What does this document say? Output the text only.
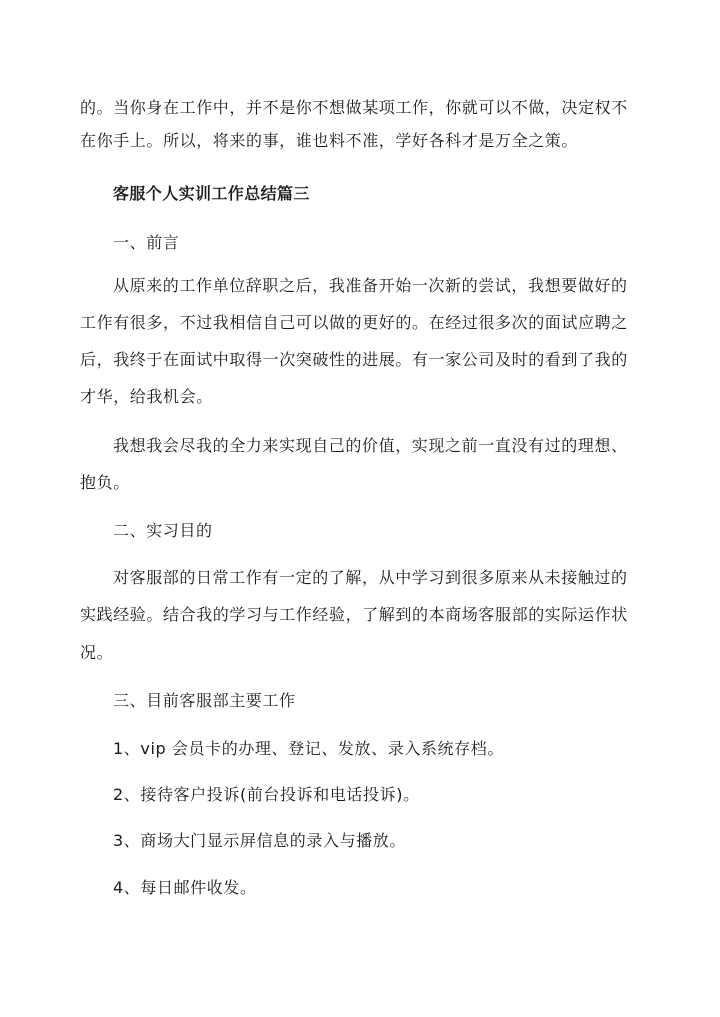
的。当你身在工作中，并不是你不想做某项工作，你就可以不做，决定权不
在你手上。所以，将来的事，谁也料不准，学好各科才是万全之策。
客服个人实训工作总结篇三
一、前言
从原来的工作单位辞职之后，我准备开始一次新的尝试，我想要做好的
工作有很多，不过我相信自己可以做的更好的。在经过很多次的面试应聘之
后，我终于在面试中取得一次突破性的进展。有一家公司及时的看到了我的
才华，给我机会。
我想我会尽我的全力来实现自己的价值，实现之前一直没有过的理想、
抱负。
二、实习目的
对客服部的日常工作有一定的了解，从中学习到很多原来从未接触过的
实践经验。结合我的学习与工作经验，了解到的本商场客服部的实际运作状
况。
三、目前客服部主要工作
1、vip 会员卡的办理、登记、发放、录入系统存档。
2、接待客户投诉(前台投诉和电话投诉)。
3、商场大门显示屏信息的录入与播放。
4、每日邮件收发。
